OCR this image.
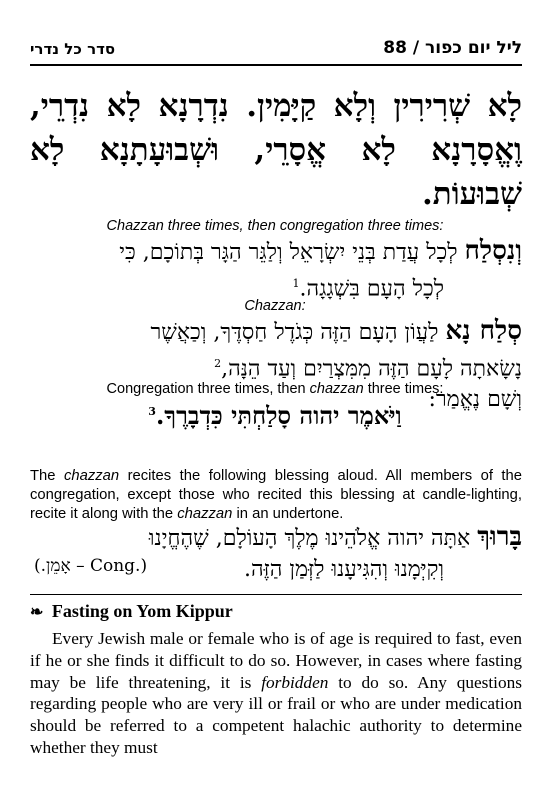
סדר כל נדרי	ליל יום כפור / 88
לָא שְׁרִירִין וְלָא קַיָּמִין. נִדְרָנָא לָא נִדְרֵי, וֶאֱסָרָנָא לָא אֱסָרֵי, וּשְׁבוּעָתָנָא לָא שְׁבוּעוֹת.
Chazzan three times, then congregation three times:
וְנִסְלַח לְכָל עֲדַת בְּנֵי יִשְׂרָאֵל וְלַגֵּר הַגָּר בְּתוֹכָם, כִּי
לְכָל הָעָם בִּשְׁגָגָה.$^1$
Chazzan:
סְלַח נָא לַעֲוֹן הָעָם הַזֶּה כְּגֹדֶל חַסְדֶּךָ, וְכַאֲשֶׁר
נָשָׂאתָה לָעָם הַזֶּה מִמִּצְרַיִם וְעַד הֵנָּה,$^2$
וְשָׁם נֶאֱמַר:
Congregation three times, then chazzan three times:
וַיֹּאמֶר יהוה סָלַחְתִּי כִּדְבָרֶךָ.$^3$
The chazzan recites the following blessing aloud. All members of the congregation, except those who recited this blessing at candle-lighting, recite it along with the chazzan in an undertone.
בָּרוּךְ אַתָּה יהוה אֱלֹהֵינוּ מֶלֶךְ הָעוֹלָם, שֶׁהֶחֱיָנוּ
וְקִיְּמָנוּ וְהִגִּיעָנוּ לַזְּמַן הַזֶּה.
(.אָמֵן – Cong.)
❧ Fasting on Yom Kippur
Every Jewish male or female who is of age is required to fast, even if he or she finds it difficult to do so. However, in cases where fasting may be life threatening, it is forbidden to do so. Any questions regarding people who are very ill or frail or who are under medication should be referred to a competent halachic authority to determine whether they must
